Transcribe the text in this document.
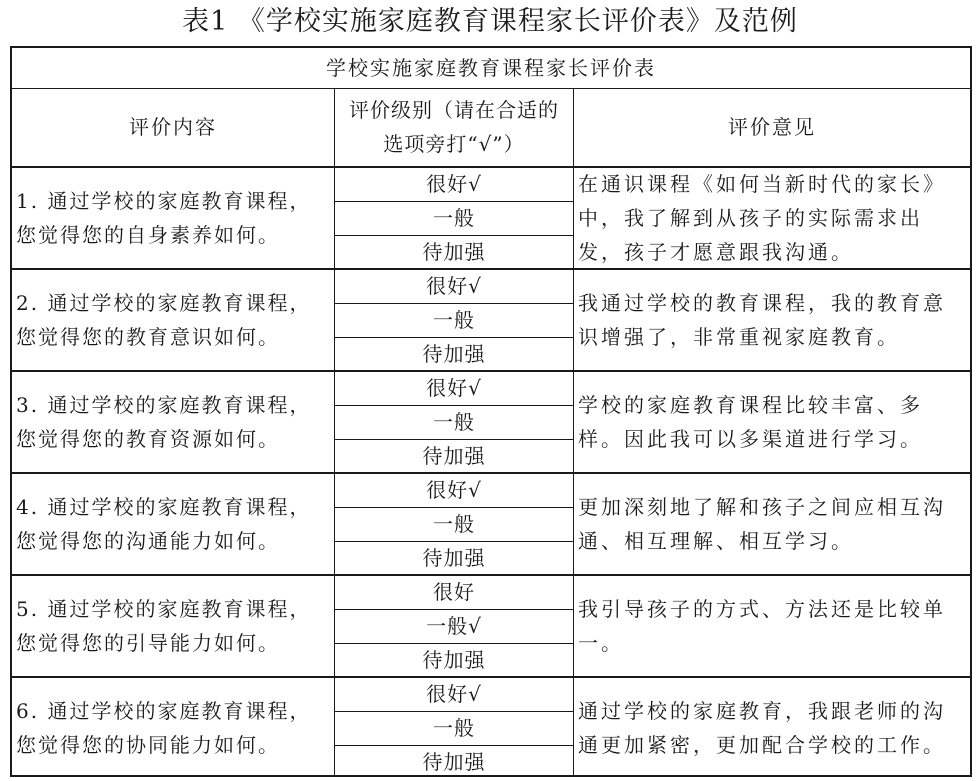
表1 《学校实施家庭教育课程家长评价表》及范例
学校实施家庭教育课程家长评价表
评价内容
评价级别（请在合适的选项旁打“√”）
评价意见
1. 通过学校的家庭教育课程，您觉得您的自身素养如何。
很好√
一般
待加强
在通识课程《如何当新时代的家长》中，我了解到从孩子的实际需求出发，孩子才愿意跟我沟通。
2. 通过学校的家庭教育课程，您觉得您的教育意识如何。
很好√
一般
待加强
我通过学校的教育课程，我的教育意识增强了，非常重视家庭教育。
3. 通过学校的家庭教育课程，您觉得您的教育资源如何。
很好√
一般
待加强
学校的家庭教育课程比较丰富、多样。因此我可以多渠道进行学习。
4. 通过学校的家庭教育课程，您觉得您的沟通能力如何。
很好√
一般
待加强
更加深刻地了解和孩子之间应相互沟通、相互理解、相互学习。
5. 通过学校的家庭教育课程，您觉得您的引导能力如何。
很好
一般√
待加强
我引导孩子的方式、方法还是比较单一。
6. 通过学校的家庭教育课程，您觉得您的协同能力如何。
很好√
一般
待加强
通过学校的家庭教育，我跟老师的沟通更加紧密，更加配合学校的工作。
